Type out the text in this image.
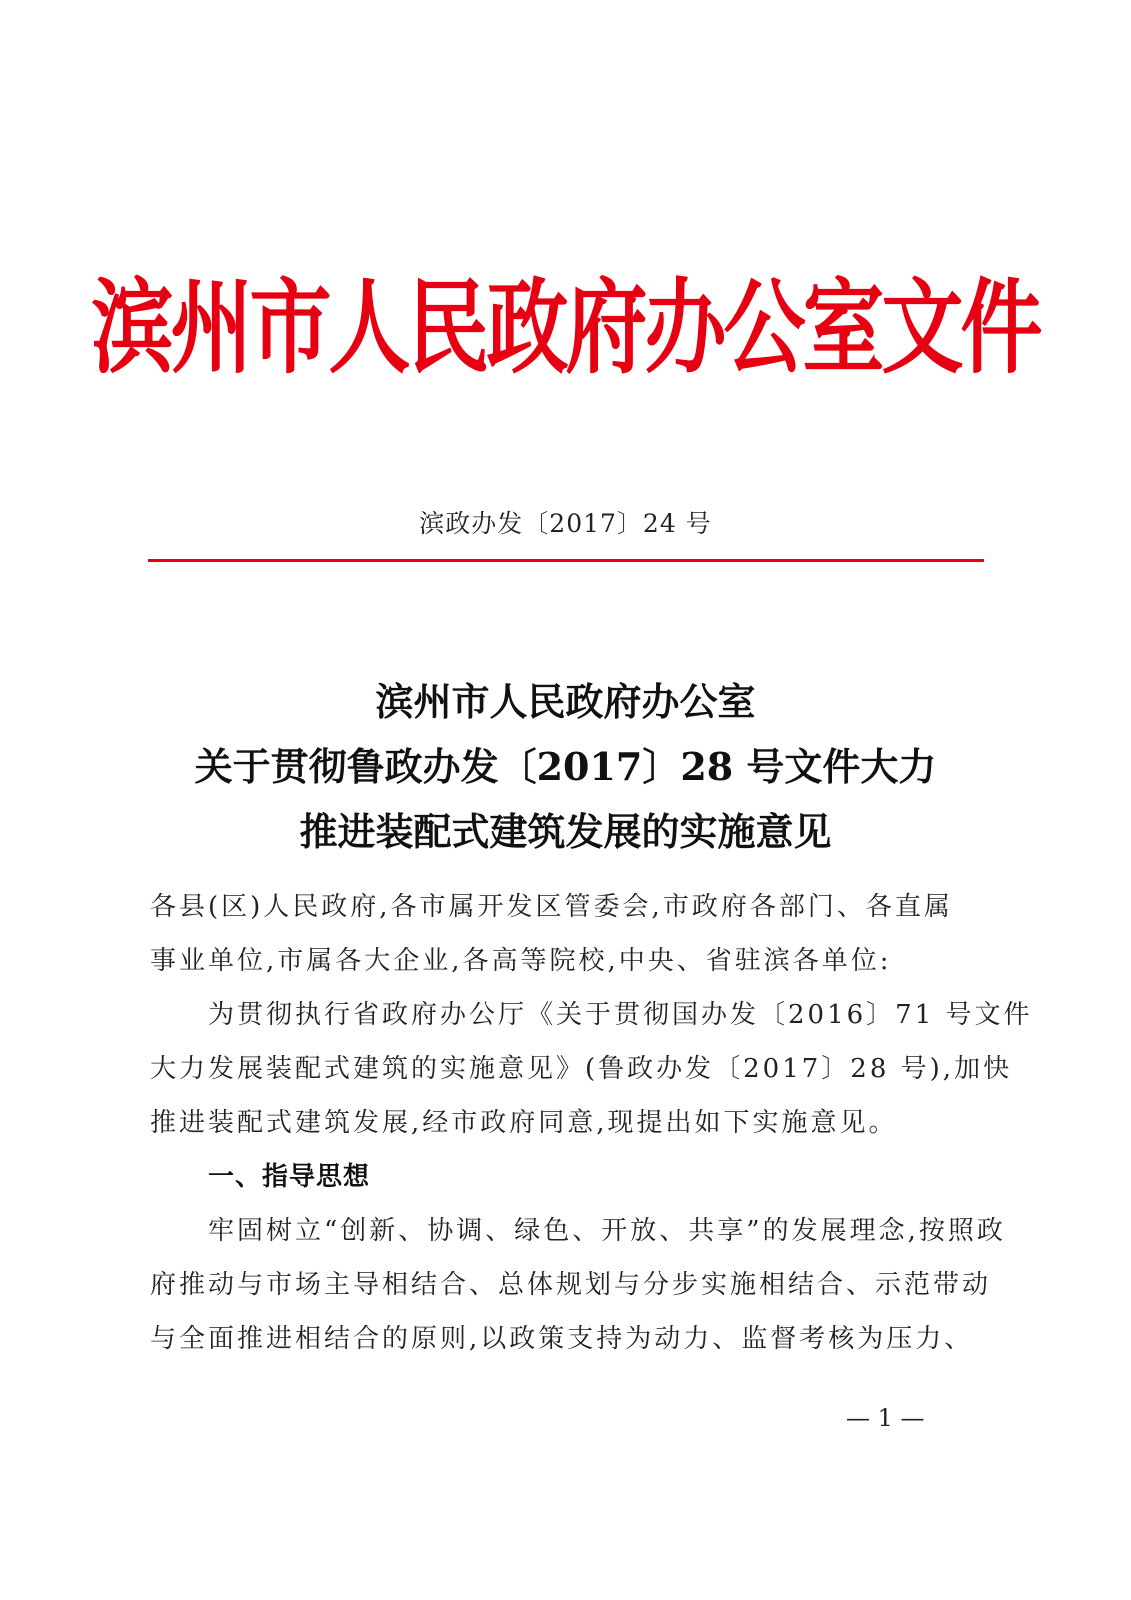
滨州市人民政府办公室文件
滨政办发〔2017〕24 号
滨州市人民政府办公室
关于贯彻鲁政办发〔2017〕28 号文件大力
推进装配式建筑发展的实施意见
各县(区)人民政府,各市属开发区管委会,市政府各部门、各直属
事业单位,市属各大企业,各高等院校,中央、省驻滨各单位:
　　为贯彻执行省政府办公厅《关于贯彻国办发〔2016〕71 号文件
大力发展装配式建筑的实施意见》(鲁政办发〔2017〕28 号),加快
推进装配式建筑发展,经市政府同意,现提出如下实施意见。
一、指导思想
　　牢固树立“创新、协调、绿色、开放、共享”的发展理念,按照政
府推动与市场主导相结合、总体规划与分步实施相结合、示范带动
与全面推进相结合的原则,以政策支持为动力、监督考核为压力、
— 1 —
